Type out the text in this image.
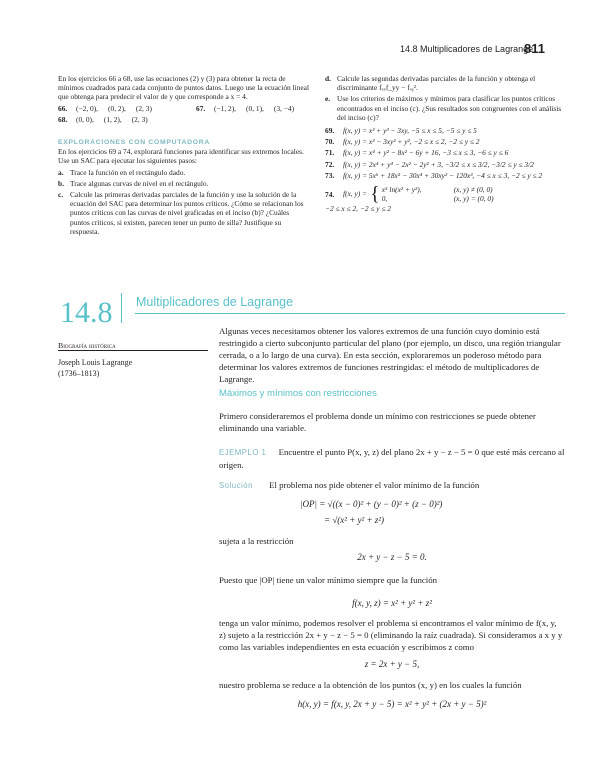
14.8 Multiplicadores de Lagrange
811
En los ejercicios 66 a 68, use las ecuaciones (2) y (3) para obtener la recta de mínimos cuadrados para cada conjunto de puntos datos. Luego use la ecuación lineal que obtenga para predecir el valor de y que corresponde a x = 4.
66.	(−2, 0), (0, 2), (2, 3)	67.	(−1, 2), (0, 1), (3, −4)
68.	(0, 0), (1, 2), (2, 3)
EXPLORACIONES CON COMPUTADORA
En los ejercicios 69 a 74, explorará funciones para identificar sus extremos locales. Use un SAC para ejecutar los siguientes pasos:
a. Trace la función en el rectángulo dado.
b. Trace algunas curvas de nivel en el rectángulo.
c. Calcule las primeras derivadas parciales de la función y use la solución de la ecuación del SAC para determinar los puntos críticos. ¿Cómo se relacionan los puntos críticos con las curvas de nivel graficadas en el inciso (b)? ¿Cuáles puntos críticos, si existen, parecen tener un punto de silla? Justifique su respuesta.
d. Calcule las segundas derivadas parciales de la función y obtenga el discriminante fₓₓf_yy − fₓᵧ².
e. Use los criterios de máximos y mínimos para clasificar los puntos críticos encontrados en el inciso (c). ¿Sus resultados son congruentes con el análisis del inciso (c)?
69.	f(x, y) = x² + y³ − 3xy, −5 ≤ x ≤ 5, −5 ≤ y ≤ 5
70.	f(x, y) = x³ − 3xy² + y², −2 ≤ x ≤ 2, −2 ≤ y ≤ 2
71.	f(x, y) = x⁴ + y² − 8x² − 6y + 16, −3 ≤ x ≤ 3, −6 ≤ y ≤ 6
72.	f(x, y) = 2x⁴ + y⁴ − 2x² − 2y² + 3, −3/2 ≤ x ≤ 3/2, −3/2 ≤ y ≤ 3/2
73.	f(x, y) = 5x⁶ + 18x⁵ − 30x⁴ + 30xy² − 120x³, −4 ≤ x ≤ 3, −2 ≤ y ≤ 2
74.	f(x, y) = { x⁵ ln(x² + y²),	(x, y) ≠ (0, 0)
0,	(x, y) = (0, 0)
−2 ≤ x ≤ 2, −2 ≤ y ≤ 2
14.8 Multiplicadores de Lagrange
Biografía histórica
Joseph Louis Lagrange
(1736–1813)
Algunas veces necesitamos obtener los valores extremos de una función cuyo dominio está restringido a cierto subconjunto particular del plano (por ejemplo, un disco, una región triangular cerrada, o a lo largo de una curva). En esta sección, exploraremos un poderoso método para determinar los valores extremos de funciones restringidas: el método de multiplicadores de Lagrange.
Máximos y mínimos con restricciones
Primero consideraremos el problema donde un mínimo con restricciones se puede obtener eliminando una variable.
EJEMPLO 1 Encuentre el punto P(x, y, z) del plano 2x + y − z − 5 = 0 que esté más cercano al origen.
Solución El problema nos pide obtener el valor mínimo de la función
|OP| = √((x − 0)² + (y − 0)² + (z − 0)²)
= √(x² + y² + z²)
sujeta a la restricción
2x + y − z − 5 = 0.
Puesto que |OP| tiene un valor mínimo siempre que la función
f(x, y, z) = x² + y² + z²
tenga un valor mínimo, podemos resolver el problema si encontramos el valor mínimo de f(x, y, z) sujeto a la restricción 2x + y − z − 5 = 0 (eliminando la raíz cuadrada). Si consideramos a x y y como las variables independientes en esta ecuación y escribimos z como
z = 2x + y − 5,
nuestro problema se reduce a la obtención de los puntos (x, y) en los cuales la función
h(x, y) = f(x, y, 2x + y − 5) = x² + y² + (2x + y − 5)²
